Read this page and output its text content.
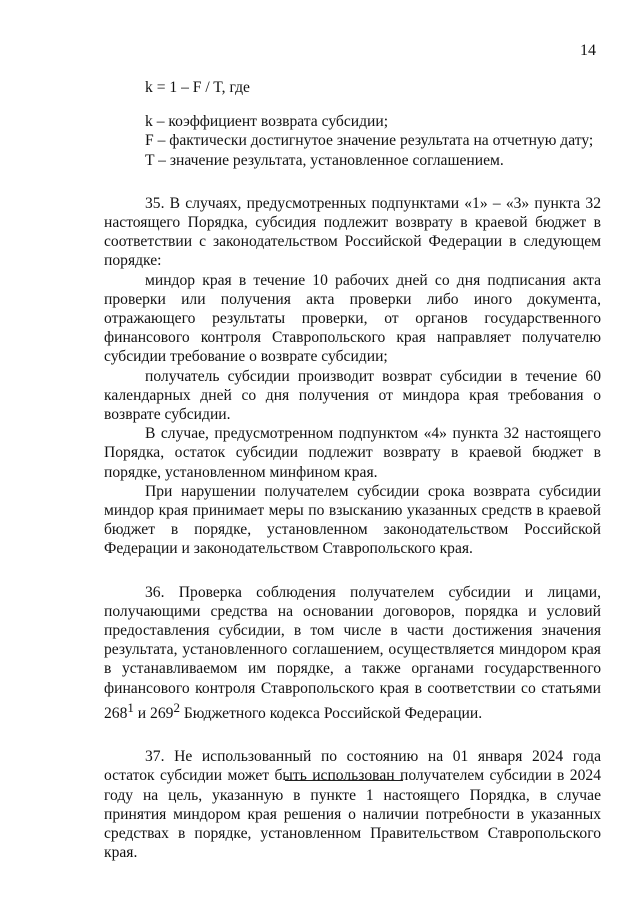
14
k = 1 – F / T, где
k – коэффициент возврата субсидии;
F – фактически достигнутое значение результата на отчетную дату;
T – значение результата, установленное соглашением.

35. В случаях, предусмотренных подпунктами «1» – «3» пункта 32 настоящего Порядка, субсидия подлежит возврату в краевой бюджет в соответствии с законодательством Российской Федерации в следующем порядке:

миндор края в течение 10 рабочих дней со дня подписания акта проверки или получения акта проверки либо иного документа, отражающего результаты проверки, от органов государственного финансового контроля Ставропольского края направляет получателю субсидии требование о возврате субсидии;

получатель субсидии производит возврат субсидии в течение 60 календарных дней со дня получения от миндора края требования о возврате субсидии.

В случае, предусмотренном подпунктом «4» пункта 32 настоящего Порядка, остаток субсидии подлежит возврату в краевой бюджет в порядке, установленном минфином края.

При нарушении получателем субсидии срока возврата субсидии миндор края принимает меры по взысканию указанных средств в краевой бюджет в порядке, установленном законодательством Российской Федерации и законодательством Ставропольского края.

36. Проверка соблюдения получателем субсидии и лицами, получающими средства на основании договоров, порядка и условий предоставления субсидии, в том числе в части достижения значения результата, установленного соглашением, осуществляется миндором края в устанавливаемом им порядке, а также органами государственного финансового контроля Ставропольского края в соответствии со статьями $268^1$ и $269^2$ Бюджетного кодекса Российской Федерации.

37. Не использованный по состоянию на 01 января 2024 года остаток субсидии может быть использован получателем субсидии в 2024 году на цель, указанную в пункте 1 настоящего Порядка, в случае принятия миндором края решения о наличии потребности в указанных средствах в порядке, установленном Правительством Ставропольского края.
